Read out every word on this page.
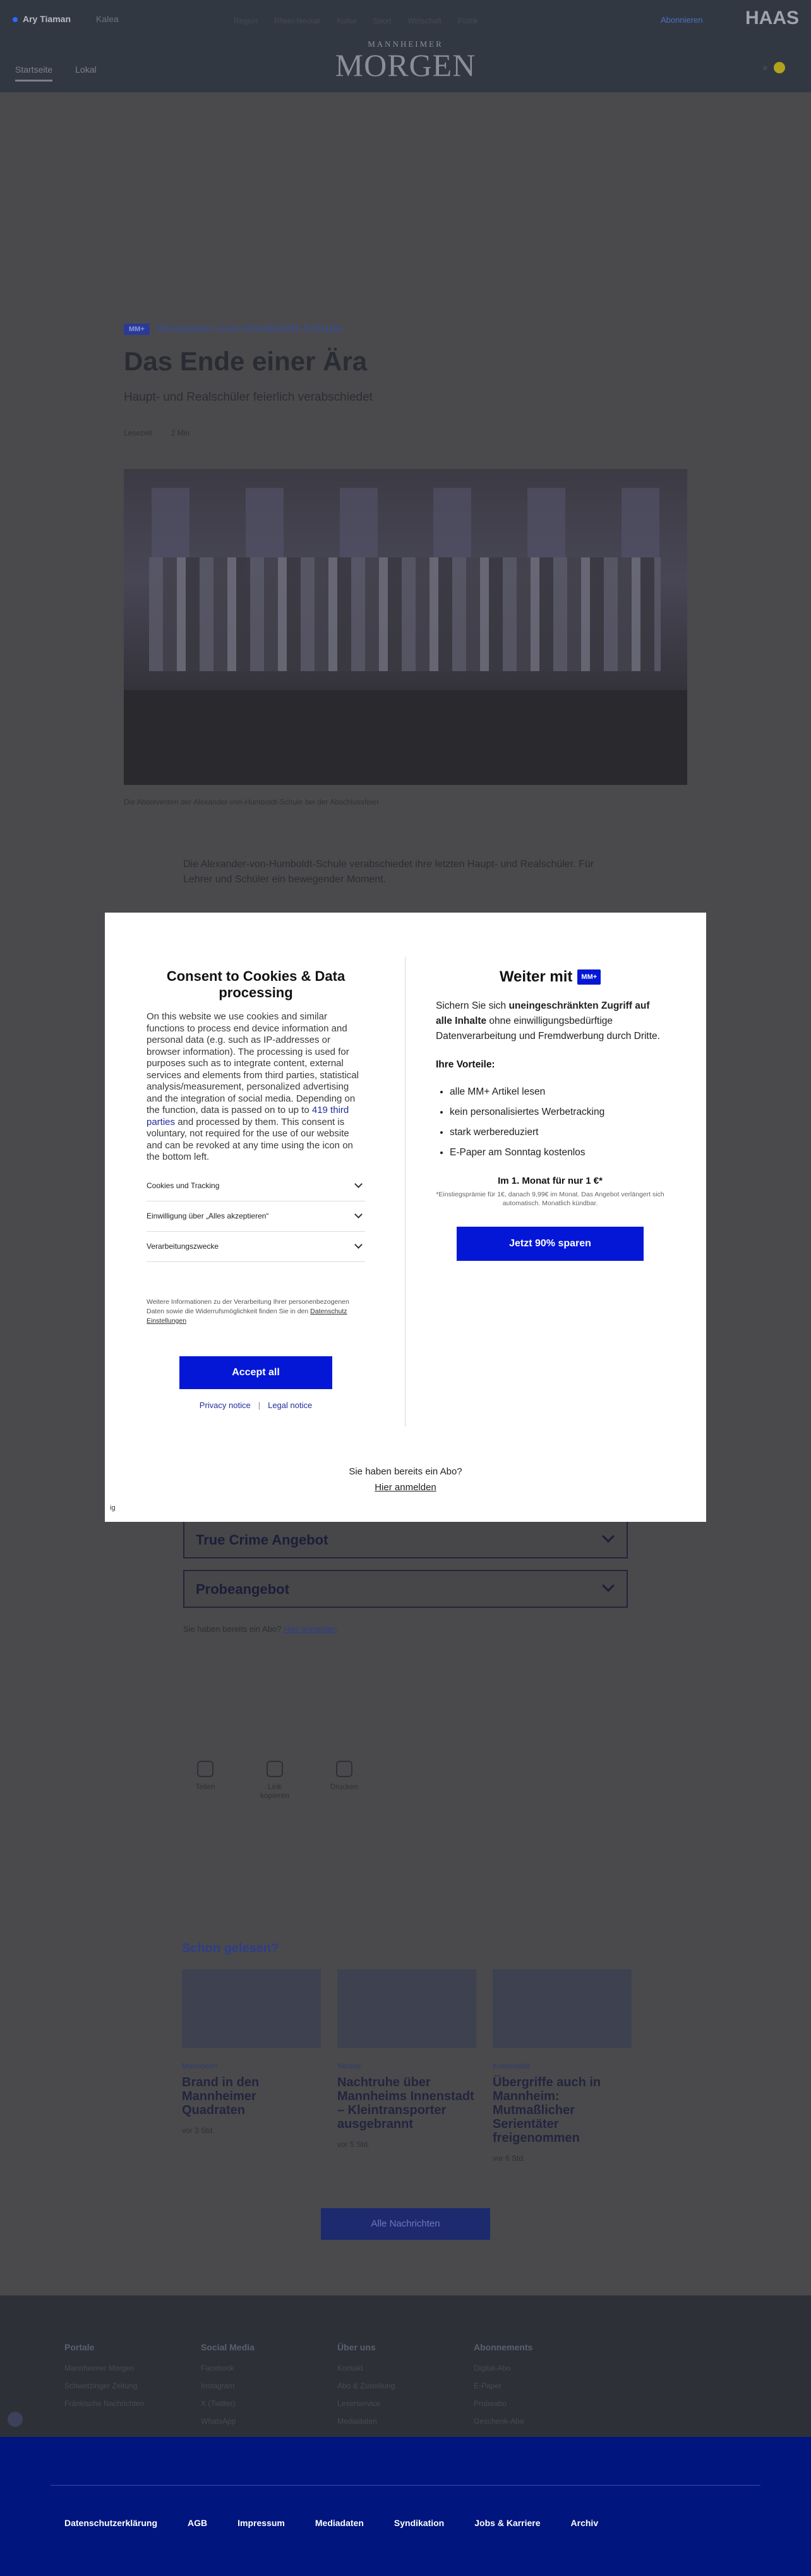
Ary Tiaman	Kalea	Region Rhein-Neckar Kultur Sport Wirtschaft Politik
MANNHEIMER
MORGEN
Abonnieren HAAS
Startseite	Lokal	⌕
MM+ Alexander-von-Humboldt-Schule
Das Ende einer Ära
Haupt- und Realschüler feierlich verabschiedet
Lesezeit	2 Min
Die Absolventen der Alexander-von-Humboldt-Schule bei der Abschlussfeier
Die Alexander-von-Humboldt-Schule verabschiedet ihre letzten Haupt- und Realschüler. Für Lehrer und Schüler ein bewegender Moment.
True Crime Angebot
Probeangebot
Sie haben bereits ein Abo? Hier anmelden
Teilen	Link kopieren
Drucken
Schon gelesen?
Mannheim
Brand in den Mannheimer Quadraten
vor 3 Std.
Neckar
Nachtruhe über Mannheims Innenstadt – Kleintransporter ausgebrannt
vor 5 Std.
Kriminalität
Übergriffe auch in Mannheim: Mutmaßlicher Serientäter freigenommen
vor 6 Std.
Alle Nachrichten
Portale
Mannheimer Morgen
Schwetzinger Zeitung
Fränkische Nachrichten
Social Media
Facebook
Instagram
X (Twitter)
WhatsApp
Über uns
Kontakt
Abo & Zustellung
Leserservice
Mediadaten
Abonnements
Digital-Abo
E-Paper
Probeabo
Geschenk-Abo
Datenschutzerklärung	AGB	Impressum	Mediadaten	Syndikation	Jobs & Karriere	Archiv
Consent to Cookies & Data processing

On this website we use cookies and similar functions to process end device information and personal data (e.g. such as IP-addresses or browser information). The processing is used for purposes such as to integrate content, external services and elements from third parties, statistical analysis/measurement, personalized advertising and the integration of social media. Depending on the function, data is passed on to up to 419 third parties and processed by them. This consent is voluntary, not required for the use of our website and can be revoked at any time using the icon on the bottom left.

Cookies und Tracking
Einwilligung über „Alles akzeptieren“
Verarbeitungszwecke

Weitere Informationen zu der Verarbeitung Ihrer personenbezogenen Daten sowie die Widerrufsmöglichkeit finden Sie in den Datenschutz Einstellungen

Accept all
Privacy notice | Legal notice
Weiter mit	MM+

Sichern Sie sich uneingeschränkten Zugriff auf alle Inhalte ohne einwilligungsbedürftige Datenverarbeitung und Fremdwerbung durch Dritte.

Ihre Vorteile:
• alle MM+ Artikel lesen
• kein personalisiertes Werbetracking
• stark werbereduziert
• E-Paper am Sonntag kostenlos
Im 1. Monat für nur 1 €*
*Einstiegsprämie für 1€, danach 9,99€ im Monat. Das Angebot verlängert sich automatisch. Monatlich kündbar.
Jetzt 90% sparen
Sie haben bereits ein Abo?
Hier anmelden
ig
